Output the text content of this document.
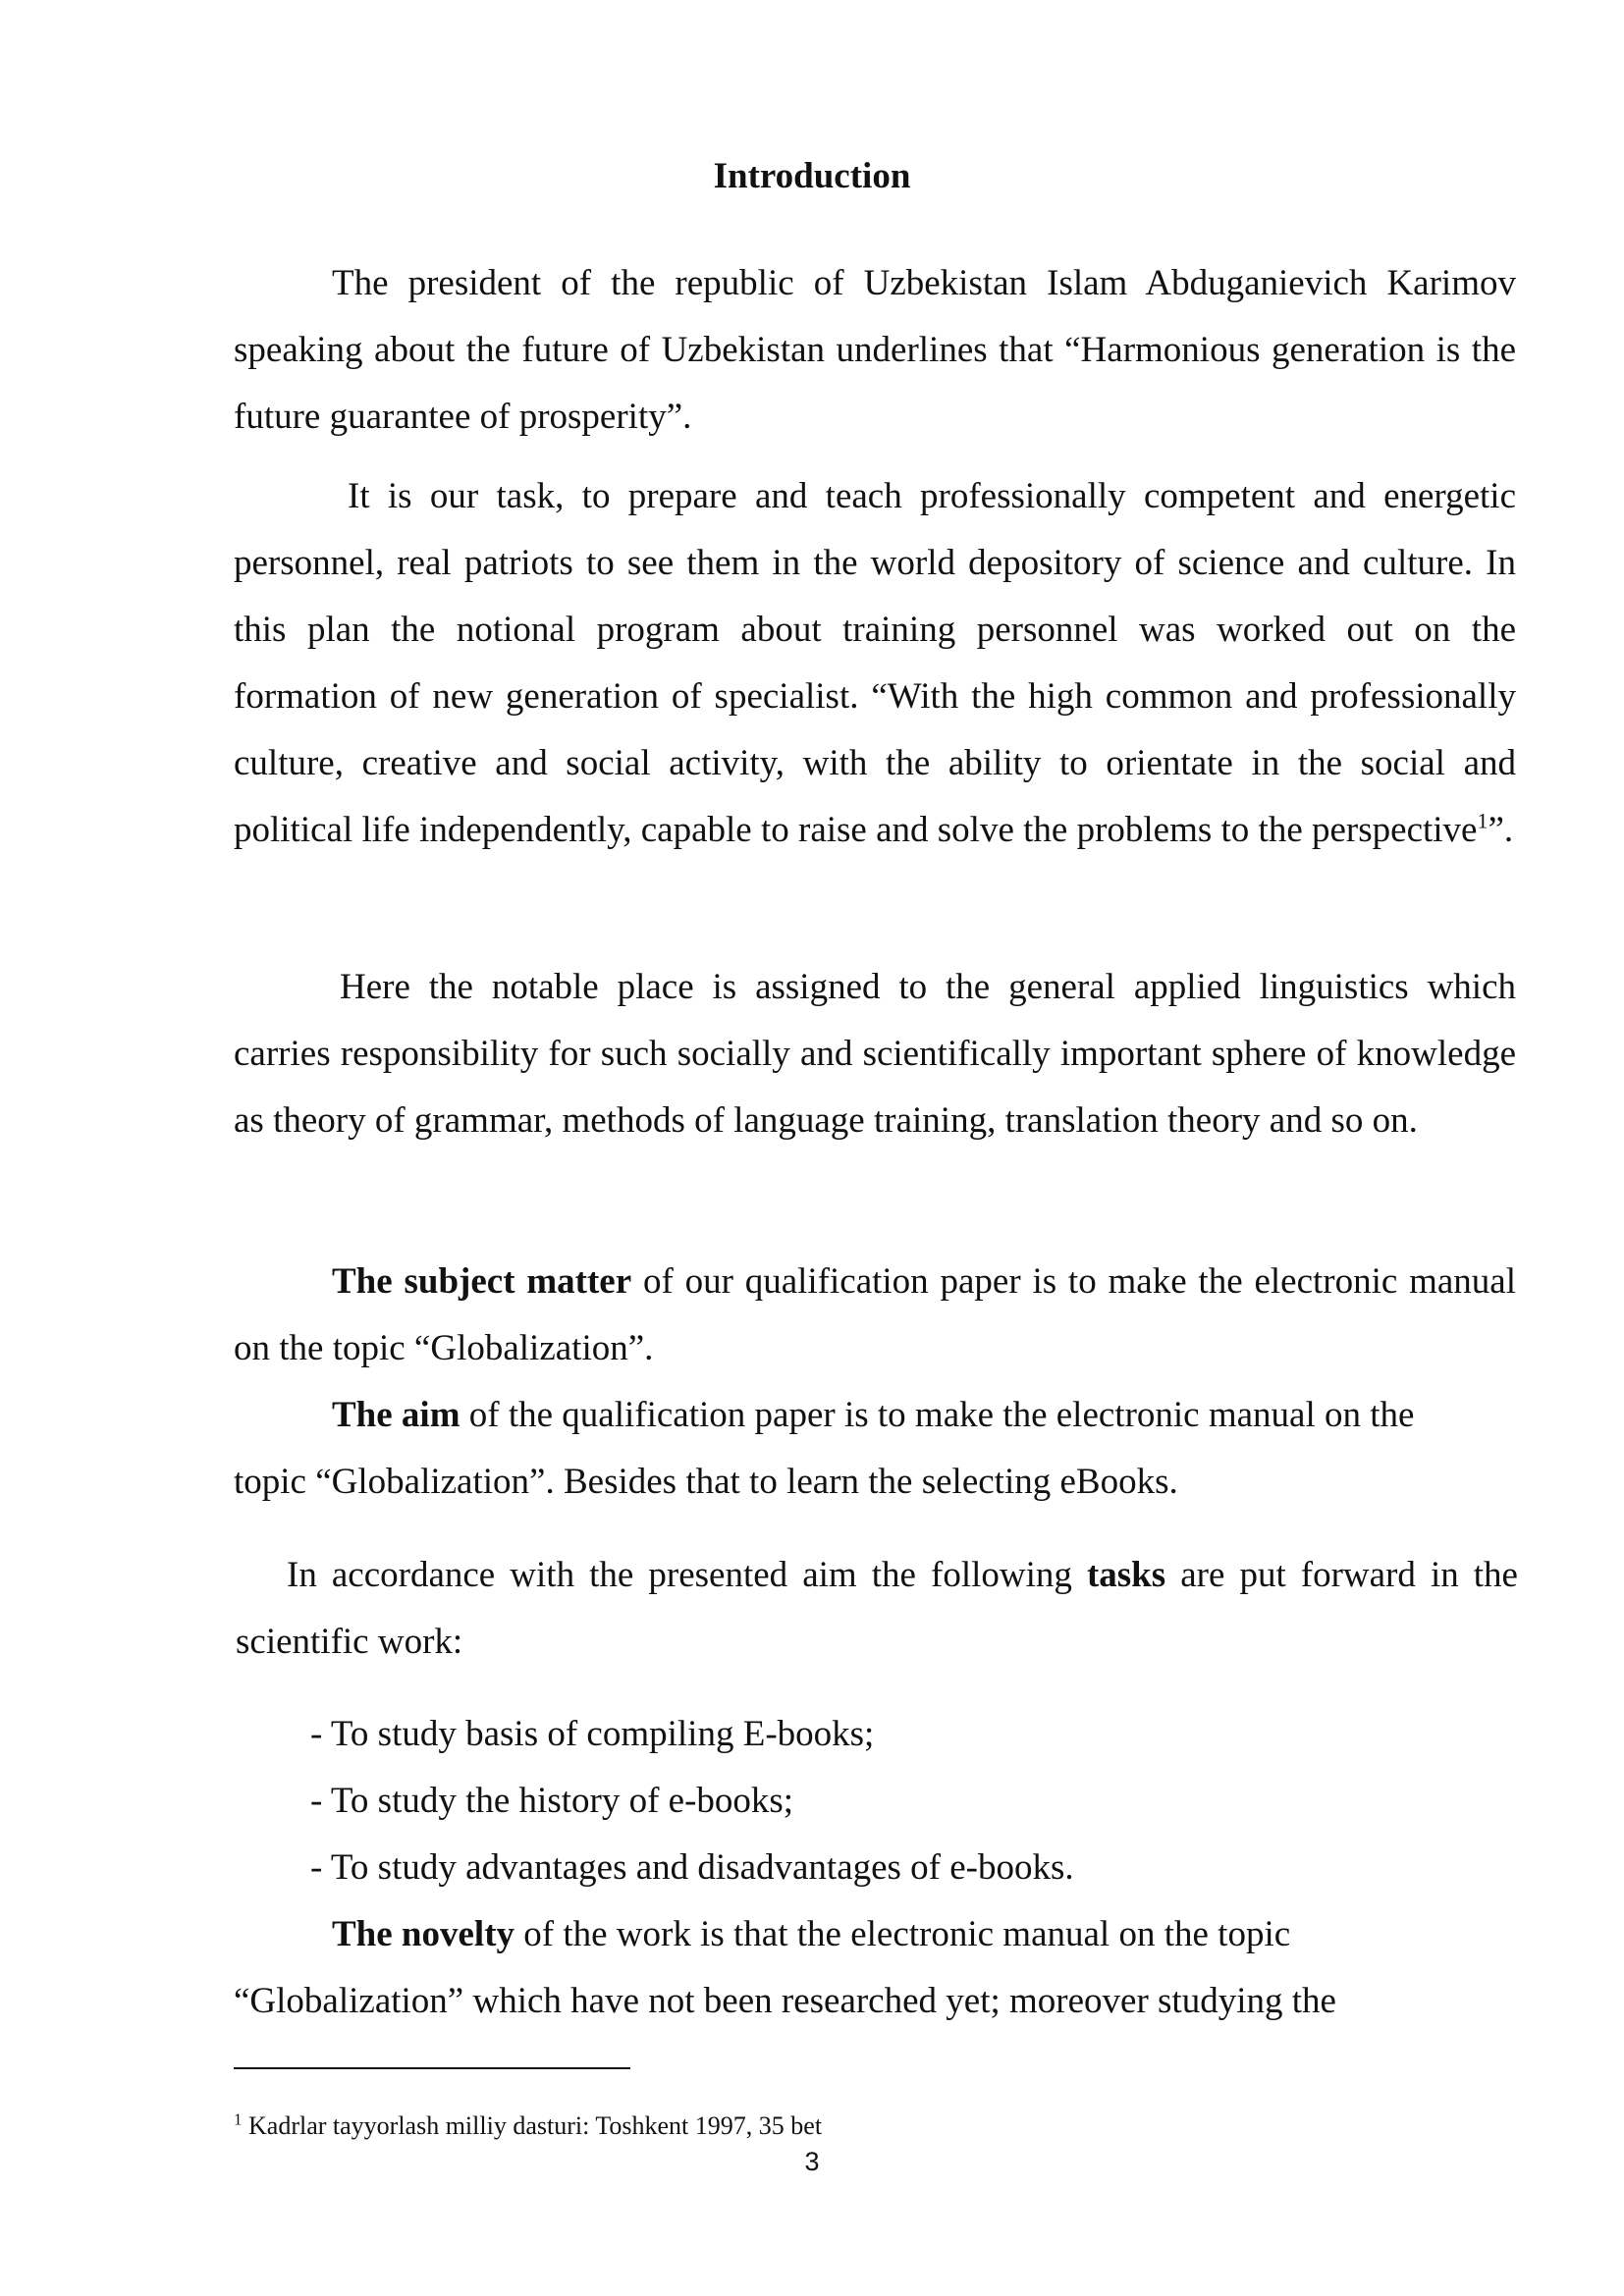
Introduction

The president of the republic of Uzbekistan Islam Abduganievich Karimov speaking about the future of Uzbekistan underlines that “Harmonious generation is the future guarantee of prosperity”.

It is our task, to prepare and teach professionally competent and energetic personnel, real patriots to see them in the world depository of science and culture. In this plan the notional program about training personnel was worked out on the formation of new generation of specialist. “With the high common and professionally culture, creative and social activity, with the ability to orientate in the social and political life independently, capable to raise and solve the problems to the perspective$^1$”.

Here the notable place is assigned to the general applied linguistics which carries responsibility for such socially and scientifically important sphere of knowledge as theory of grammar, methods of language training, translation theory and so on.

The subject matter of our qualification paper is to make the electronic manual on the topic “Globalization”.

The aim of the qualification paper is to make the electronic manual on the topic “Globalization”. Besides that to learn the selecting eBooks.

In accordance with the presented aim the following tasks are put forward in the scientific work:

- To study basis of compiling E-books;
- To study the history of e-books;
- To study advantages and disadvantages of e-books.

The novelty of the work is that the electronic manual on the topic “Globalization” which have not been researched yet; moreover studying the

$^1$ Kadrlar tayyorlash milliy dasturi: Toshkent 1997, 35 bet

3
